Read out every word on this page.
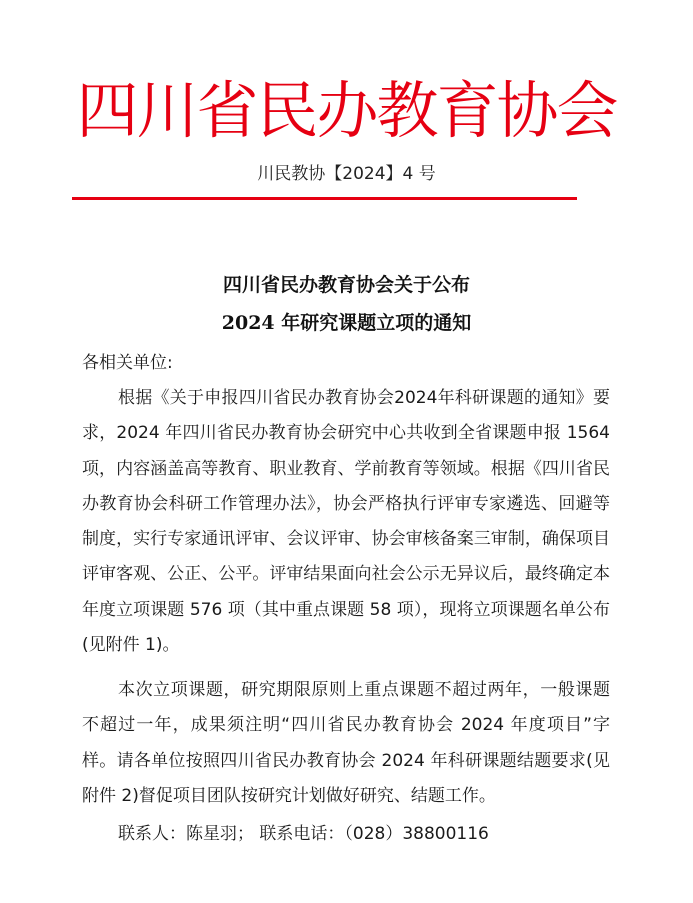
四川省民办教育协会
川民教协【2024】4 号
四川省民办教育协会关于公布
2024 年研究课题立项的通知
各相关单位:
根据《关于申报四川省民办教育协会2024年科研课题的通知》要求，2024 年四川省民办教育协会研究中心共收到全省课题申报 1564 项，内容涵盖高等教育、职业教育、学前教育等领域。根据《四川省民办教育协会科研工作管理办法》，协会严格执行评审专家遴选、回避等制度，实行专家通讯评审、会议评审、协会审核备案三审制，确保项目评审客观、公正、公平。评审结果面向社会公示无异议后，最终确定本年度立项课题 576 项（其中重点课题 58 项），现将立项课题名单公布(见附件 1)。
本次立项课题，研究期限原则上重点课题不超过两年，一般课题不超过一年，成果须注明“四川省民办教育协会 2024 年度项目”字样。请各单位按照四川省民办教育协会 2024 年科研课题结题要求(见附件 2)督促项目团队按研究计划做好研究、结题工作。
联系人：陈星羽； 联系电话：（028）38800116
